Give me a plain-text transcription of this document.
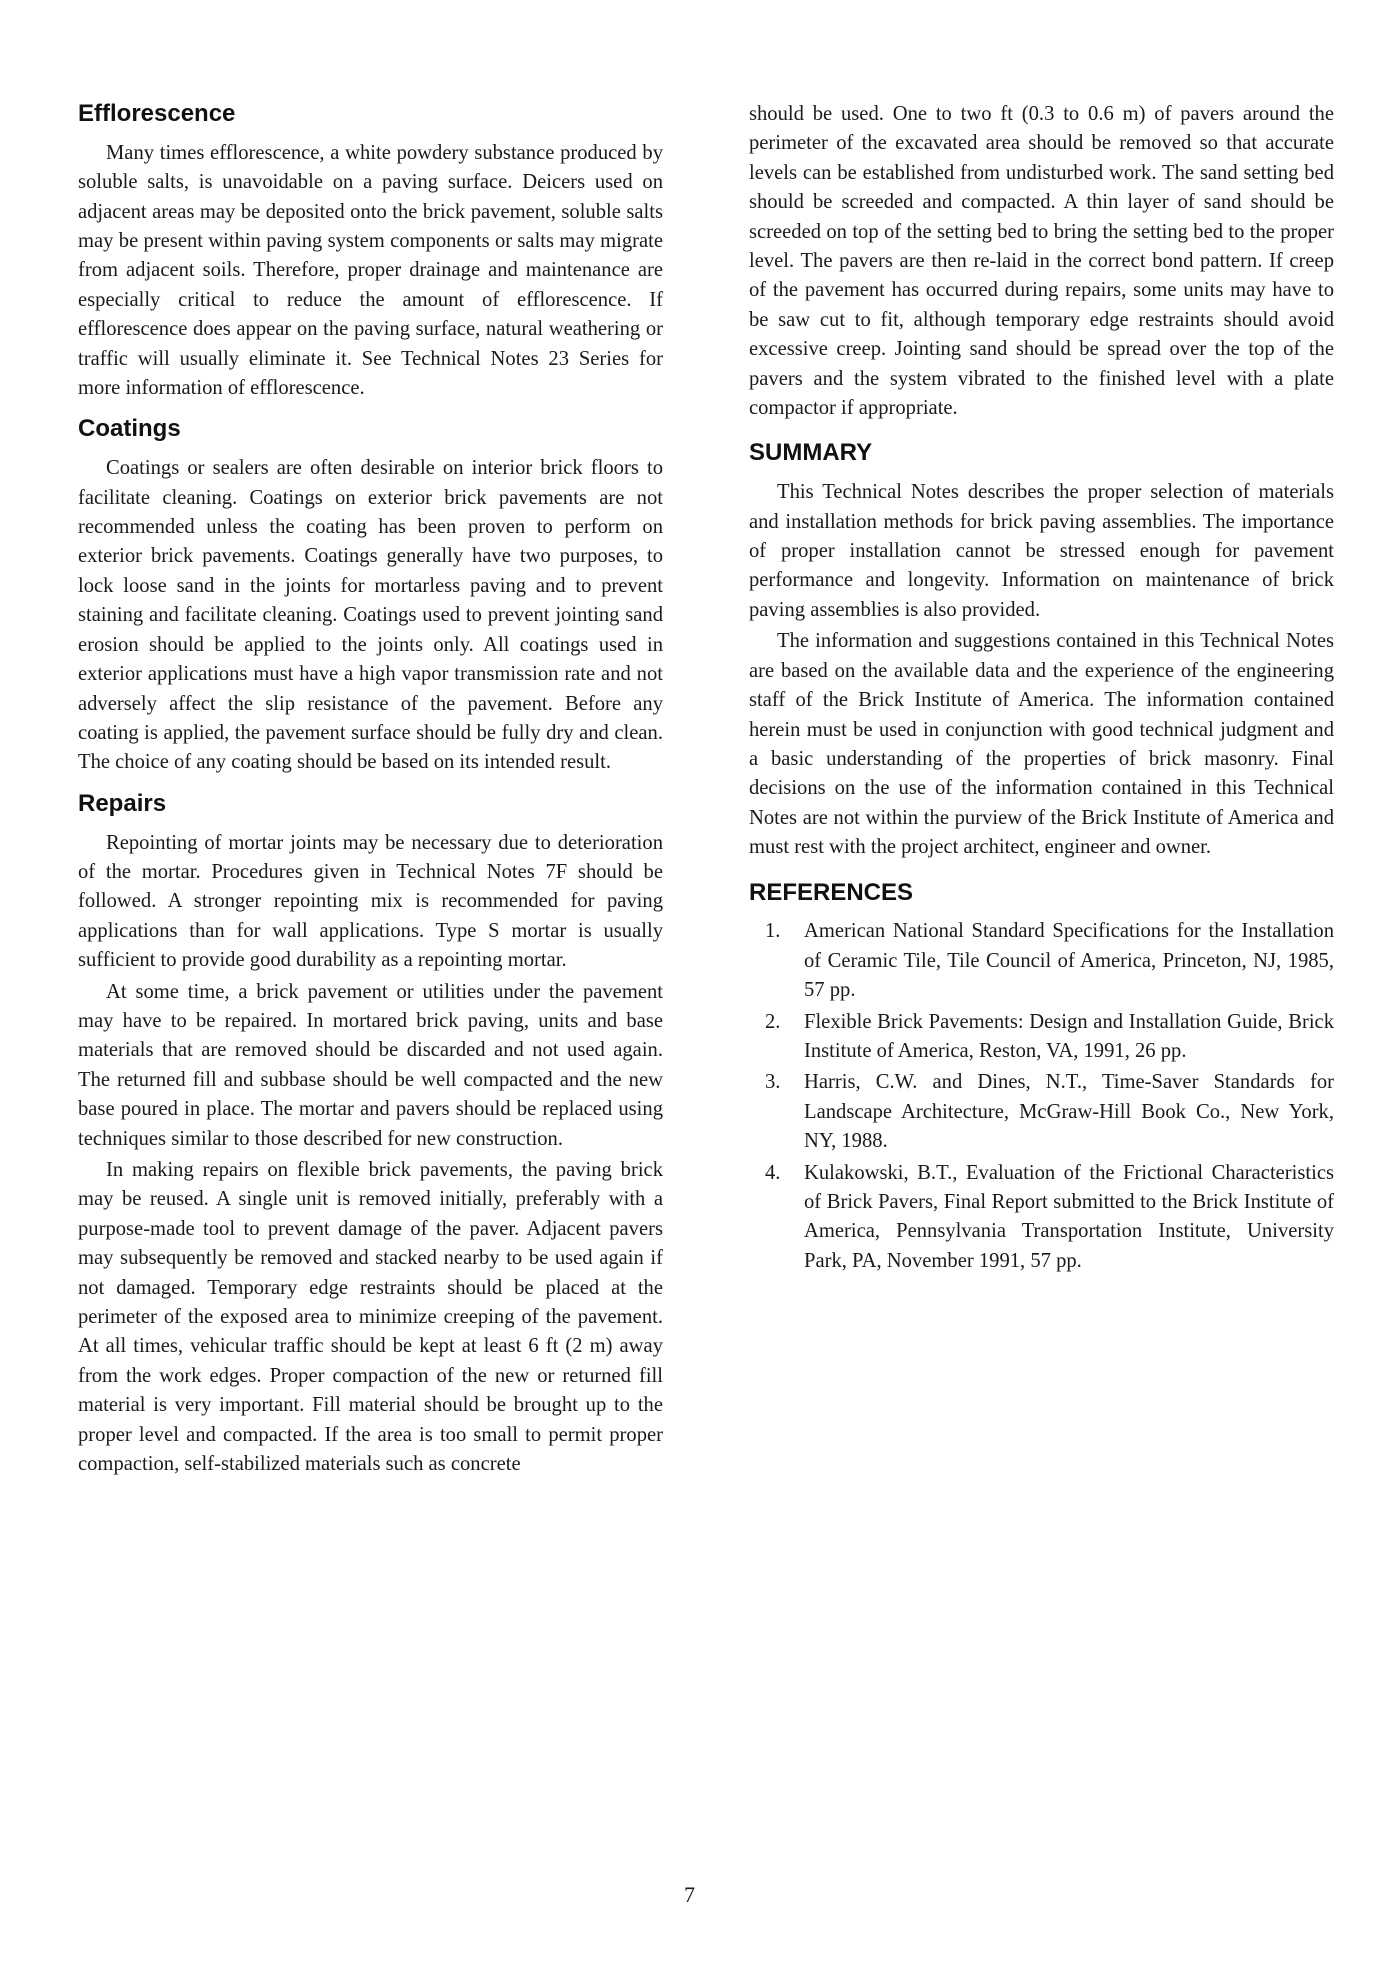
Efflorescence

Many times efflorescence, a white powdery substance produced by soluble salts, is unavoidable on a paving surface. Deicers used on adjacent areas may be deposited onto the brick pavement, soluble salts may be present within paving system components or salts may migrate from adjacent soils. Therefore, proper drainage and maintenance are especially critical to reduce the amount of efflorescence. If efflorescence does appear on the paving surface, natural weathering or traffic will usually eliminate it. See Technical Notes 23 Series for more information of efflorescence.

Coatings

Coatings or sealers are often desirable on interior brick floors to facilitate cleaning. Coatings on exterior brick pavements are not recommended unless the coating has been proven to perform on exterior brick pavements. Coatings generally have two purposes, to lock loose sand in the joints for mortarless paving and to prevent staining and facilitate cleaning. Coatings used to prevent jointing sand erosion should be applied to the joints only. All coatings used in exterior applications must have a high vapor transmission rate and not adversely affect the slip resistance of the pavement. Before any coating is applied, the pavement surface should be fully dry and clean. The choice of any coating should be based on its intended result.

Repairs

Repointing of mortar joints may be necessary due to deterioration of the mortar. Procedures given in Technical Notes 7F should be followed. A stronger repointing mix is recommended for paving applications than for wall applications. Type S mortar is usually sufficient to provide good durability as a repointing mortar.

At some time, a brick pavement or utilities under the pavement may have to be repaired. In mortared brick paving, units and base materials that are removed should be discarded and not used again. The returned fill and subbase should be well compacted and the new base poured in place. The mortar and pavers should be replaced using techniques similar to those described for new construction.

In making repairs on flexible brick pavements, the paving brick may be reused. A single unit is removed initially, preferably with a purpose-made tool to prevent damage of the paver. Adjacent pavers may subsequently be removed and stacked nearby to be used again if not damaged. Temporary edge restraints should be placed at the perimeter of the exposed area to minimize creeping of the pavement. At all times, vehicular traffic should be kept at least 6 ft (2 m) away from the work edges. Proper compaction of the new or returned fill material is very important. Fill material should be brought up to the proper level and compacted. If the area is too small to permit proper compaction, self-stabilized materials such as concrete

should be used. One to two ft (0.3 to 0.6 m) of pavers around the perimeter of the excavated area should be removed so that accurate levels can be established from undisturbed work. The sand setting bed should be screeded and compacted. A thin layer of sand should be screeded on top of the setting bed to bring the setting bed to the proper level. The pavers are then re-laid in the correct bond pattern. If creep of the pavement has occurred during repairs, some units may have to be saw cut to fit, although temporary edge restraints should avoid excessive creep. Jointing sand should be spread over the top of the pavers and the system vibrated to the finished level with a plate compactor if appropriate.

SUMMARY

This Technical Notes describes the proper selection of materials and installation methods for brick paving assemblies. The importance of proper installation cannot be stressed enough for pavement performance and longevity. Information on maintenance of brick paving assemblies is also provided.

The information and suggestions contained in this Technical Notes are based on the available data and the experience of the engineering staff of the Brick Institute of America. The information contained herein must be used in conjunction with good technical judgment and a basic understanding of the properties of brick masonry. Final decisions on the use of the information contained in this Technical Notes are not within the purview of the Brick Institute of America and must rest with the project architect, engineer and owner.

REFERENCES
1. American National Standard Specifications for the Installation of Ceramic Tile, Tile Council of America, Princeton, NJ, 1985, 57 pp.
2. Flexible Brick Pavements: Design and Installation Guide, Brick Institute of America, Reston, VA, 1991, 26 pp.
3. Harris, C.W. and Dines, N.T., Time-Saver Standards for Landscape Architecture, McGraw-Hill Book Co., New York, NY, 1988.
4. Kulakowski, B.T., Evaluation of the Frictional Characteristics of Brick Pavers, Final Report submitted to the Brick Institute of America, Pennsylvania Transportation Institute, University Park, PA, November 1991, 57 pp.
7
